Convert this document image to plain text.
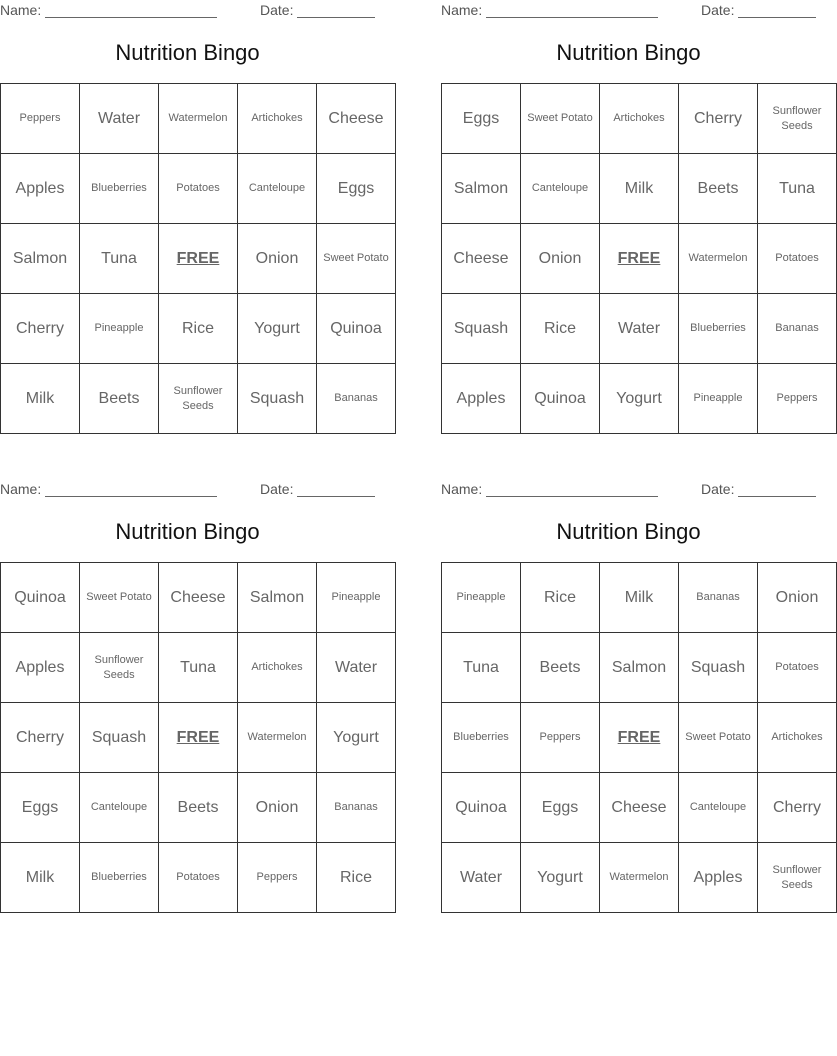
Name:	Date:
Nutrition Bingo
Peppers	Water	Watermelon	Artichokes	Cheese
Apples	Blueberries	Potatoes	Canteloupe	Eggs
Salmon	Tuna	FREE	Onion	Sweet Potato
Cherry	Pineapple	Rice	Yogurt	Quinoa
Milk	Beets	Sunflower Seeds	Squash	Bananas
Name:	Date:
Nutrition Bingo
Eggs	Sweet Potato	Artichokes	Cherry	Sunflower Seeds
Salmon	Canteloupe	Milk	Beets	Tuna
Cheese	Onion	FREE	Watermelon	Potatoes
Squash	Rice	Water	Blueberries	Bananas
Apples	Quinoa	Yogurt	Pineapple	Peppers
Name:	Date:
Nutrition Bingo
Quinoa	Sweet Potato	Cheese	Salmon	Pineapple
Apples	Sunflower Seeds	Tuna	Artichokes	Water
Cherry	Squash	FREE	Watermelon	Yogurt
Eggs	Canteloupe	Beets	Onion	Bananas
Milk	Blueberries	Potatoes	Peppers	Rice
Name:	Date:
Nutrition Bingo
Pineapple	Rice	Milk	Bananas	Onion
Tuna	Beets	Salmon	Squash	Potatoes
Blueberries	Peppers	FREE	Sweet Potato	Artichokes
Quinoa	Eggs	Cheese	Canteloupe	Cherry
Water	Yogurt	Watermelon	Apples	Sunflower Seeds
